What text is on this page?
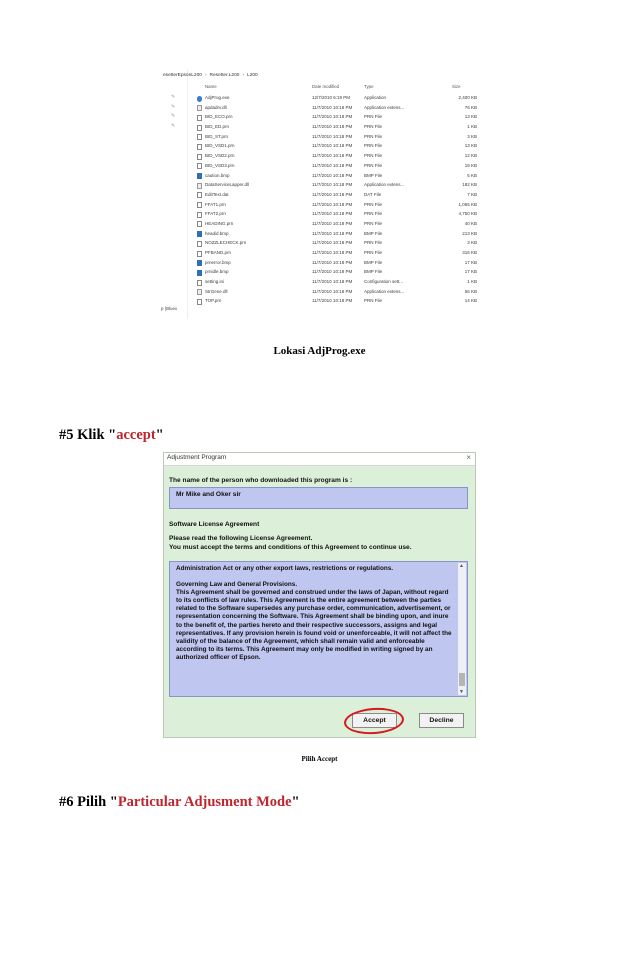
esetterEpsonL200 › Resetter.L200 › L200
Name	Date modified	Type	Size
✎
✎
✎
✎
AdjProg.exe	12/7/2010 6:19 PM	Application	2,400 KB
apdadrv.dll	11/7/2010 10:18 PM	Application extens...	76 KB
BID_ECO.prn	11/7/2010 10:18 PM	PRN File	13 KB
BID_ED.prn	11/7/2010 10:18 PM	PRN File	1 KB
BID_ST.prn	11/7/2010 10:18 PM	PRN File	3 KB
BID_VSD1.prn	11/7/2010 10:18 PM	PRN File	13 KB
BID_VSD2.prn	11/7/2010 10:18 PM	PRN File	12 KB
BID_VSD3.prn	11/7/2010 10:18 PM	PRN File	19 KB
caution.bmp	11/7/2010 10:18 PM	BMP File	5 KB
DataServiceLapper.dll	11/7/2010 10:18 PM	Application extens...	182 KB
EditText.dat	11/7/2010 10:18 PM	DAT File	7 KB
FFAT1.prn	11/7/2010 10:18 PM	PRN File	1,065 KB
FFAT2.prn	11/7/2010 10:18 PM	PRN File	4,750 KB
HEADING.prn	11/7/2010 10:18 PM	PRN File	40 KB
headid.bmp	11/7/2010 10:18 PM	BMP File	213 KB
NOZZLECHECK.prn	11/7/2010 10:18 PM	PRN File	3 KB
PFBAND.prn	11/7/2010 10:18 PM	PRN File	316 KB
prnerror.bmp	11/7/2010 10:18 PM	BMP File	17 KB
prnidle.bmp	11/7/2010 10:18 PM	BMP File	17 KB
setting.ini	11/7/2010 10:18 PM	Configuration sett...	1 KB
StrGene.dll	11/7/2010 10:18 PM	Application extens...	56 KB
TOP.prn	11/7/2010 10:18 PM	PRN File	14 KB
p (Bluex
Lokasi AdjProg.exe
#5 Klik "accept"
Adjustment Program	×
The name of the person who downloaded this program is :
Mr Mike and Oker sir
Software License Agreement
Please read the following License Agreement.
You must accept the terms and conditions of this Agreement to continue use.
Administration Act or any other export laws, restrictions or regulations.
Governing Law and General Provisions.
This Agreement shall be governed and construed under the laws of Japan, without regard to its conflicts of law rules. This Agreement is the entire agreement between the parties related to the Software supersedes any purchase order, communication, advertisement, or representation concerning the Software. This Agreement shall be binding upon, and inure to the benefit of, the parties hereto and their respective successors, assigns and legal representatives. If any provision herein is found void or unenforceable, it will not affect the validity of the balance of the Agreement, which shall remain valid and enforceable according to its terms. This Agreement may only be modified in writing signed by an authorized officer of Epson.
▲
▼
Accept	Decline
Pilih Accept
#6 Pilih "Particular Adjusment Mode"
